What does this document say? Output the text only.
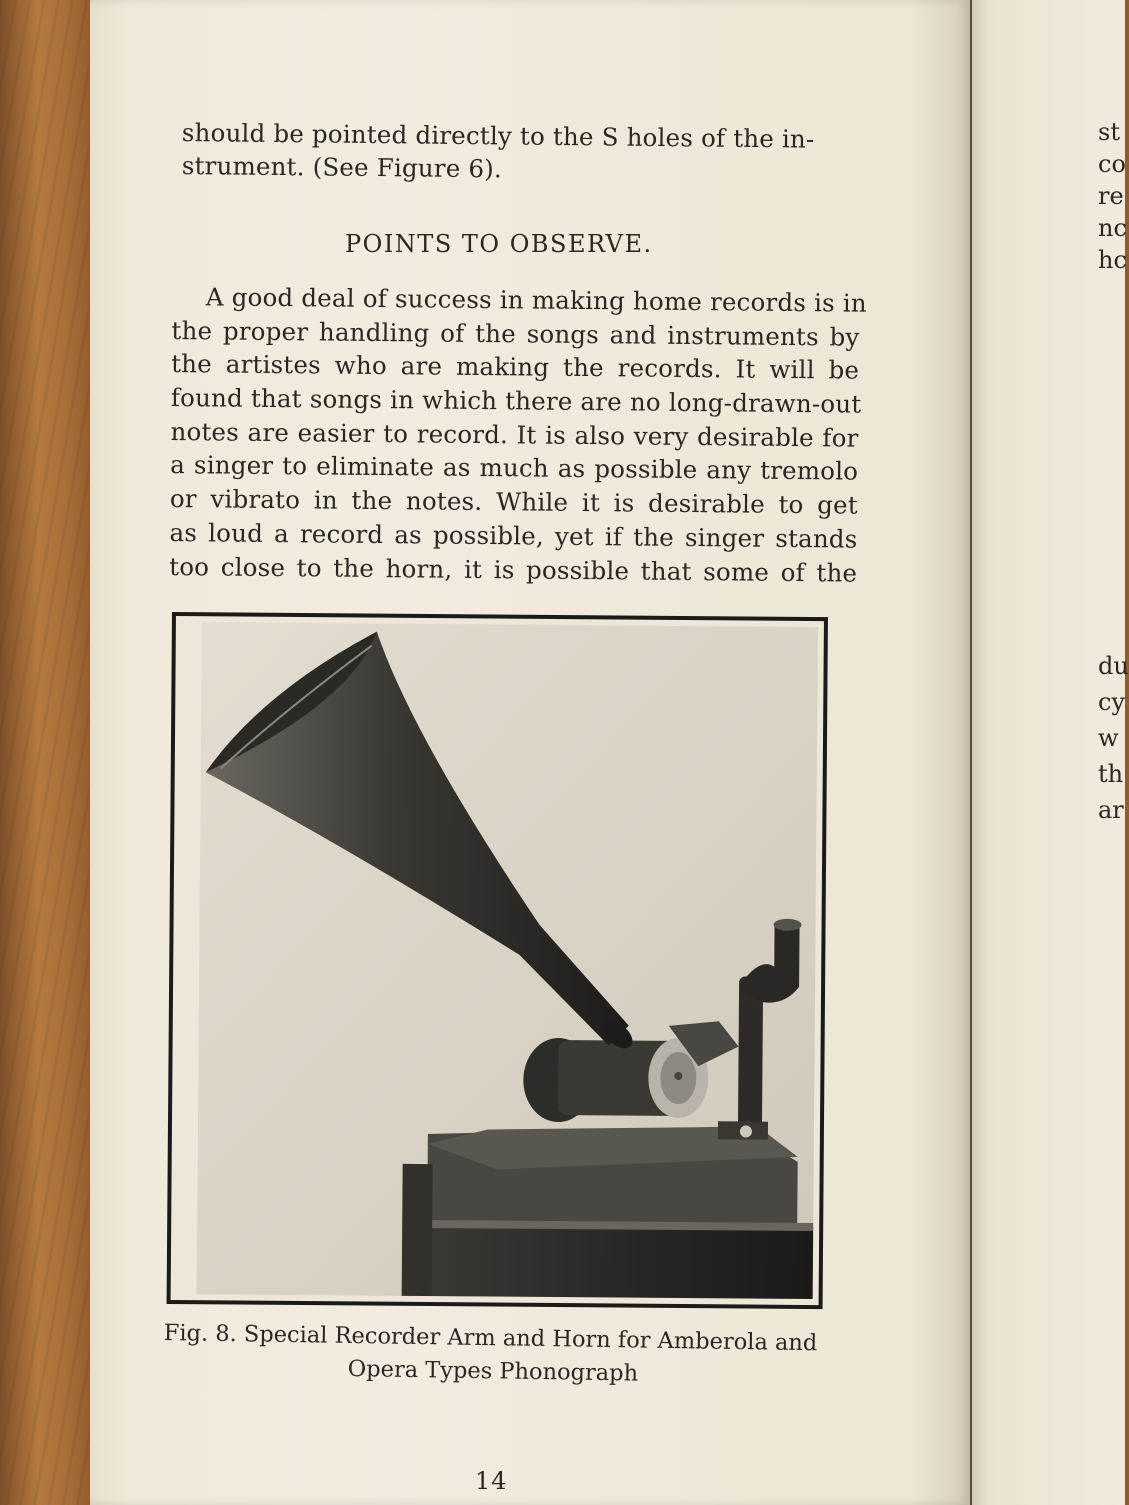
should be pointed directly to the S holes of the in-
strument. (See Figure 6).
POINTS TO OBSERVE.
A good deal of success in making home records is in
the proper handling of the songs and instruments by
the artistes who are making the records. It will be
found that songs in which there are no long-drawn-out
notes are easier to record. It is also very desirable for
a singer to eliminate as much as possible any tremolo
or vibrato in the notes. While it is desirable to get
as loud a record as possible, yet if the singer stands
too close to the horn, it is possible that some of the
Fig. 8. Special Recorder Arm and Horn for Amberola and
Opera Types Phonograph
14
st
co
re
nc
hc
du
cy
w
th
ar
